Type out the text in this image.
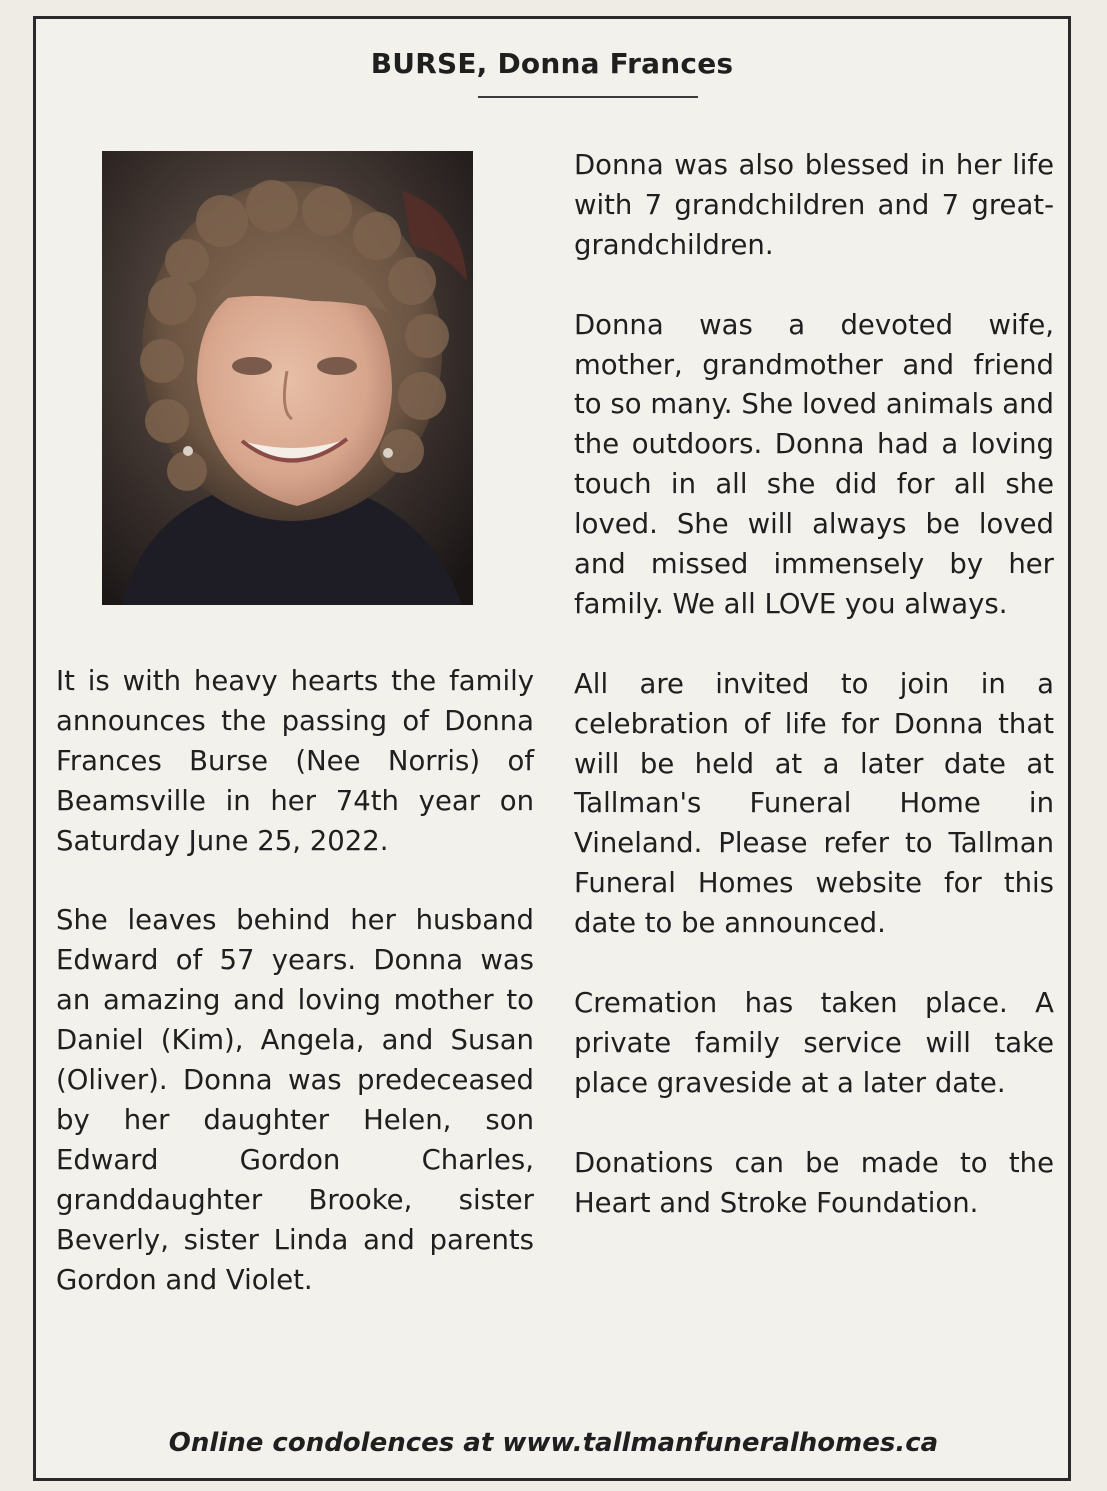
BURSE, Donna Frances

It is with heavy hearts the family announces the passing of Donna Frances Burse (Nee Norris) of Beamsville in her 74th year on Saturday June 25, 2022.

She leaves behind her husband Edward of 57 years. Donna was an amazing and loving mother to Daniel (Kim), Angela, and Susan (Oliver). Donna was predeceased by her daughter Helen, son Edward Gordon Charles, granddaughter Brooke, sister Beverly, sister Linda and parents Gordon and Violet.

Donna was also blessed in her life with 7 grandchildren and 7 great-grandchildren.

Donna was a devoted wife, mother, grandmother and friend to so many. She loved animals and the outdoors. Donna had a loving touch in all she did for all she loved. She will always be loved and missed immensely by her family. We all LOVE you always.

All are invited to join in a celebration of life for Donna that will be held at a later date at Tallman's Funeral Home in Vineland. Please refer to Tallman Funeral Homes website for this date to be announced.

Cremation has taken place. A private family service will take place graveside at a later date.

Donations can be made to the Heart and Stroke Foundation.

Online condolences at www.tallmanfuneralhomes.ca
